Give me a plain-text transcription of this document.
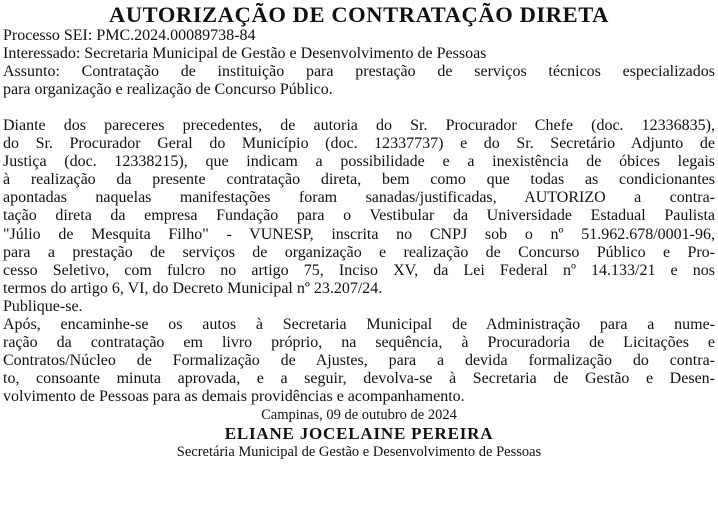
AUTORIZAÇÃO DE CONTRATAÇÃO DIRETA
Processo SEI: PMC.2024.00089738-84
Interessado: Secretaria Municipal de Gestão e Desenvolvimento de Pessoas
Assunto: Contratação de instituição para prestação de serviços técnicos especializados
para organização e realização de Concurso Público.
Diante dos pareceres precedentes, de autoria do Sr. Procurador Chefe (doc. 12336835),
do Sr. Procurador Geral do Município (doc. 12337737) e do Sr. Secretário Adjunto de
Justiça (doc. 12338215), que indicam a possibilidade e a inexistência de óbices legais
à realização da presente contratação direta, bem como que todas as condicionantes
apontadas naquelas manifestações foram sanadas/justificadas, AUTORIZO a contra-
tação direta da empresa Fundação para o Vestibular da Universidade Estadual Paulista
"Júlio de Mesquita Filho" - VUNESP, inscrita no CNPJ sob o nº 51.962.678/0001-96,
para a prestação de serviços de organização e realização de Concurso Público e Pro-
cesso Seletivo, com fulcro no artigo 75, Inciso XV, da Lei Federal nº 14.133/21 e nos
termos do artigo 6, VI, do Decreto Municipal nº 23.207/24.

Publique-se.

Após, encaminhe-se os autos à Secretaria Municipal de Administração para a nume-
ração da contratação em livro próprio, na sequência, à Procuradoria de Licitações e
Contratos/Núcleo de Formalização de Ajustes, para a devida formalização do contra-
to, consoante minuta aprovada, e a seguir, devolva-se à Secretaria de Gestão e Desen-
volvimento de Pessoas para as demais providências e acompanhamento.

Campinas, 09 de outubro de 2024

ELIANE JOCELAINE PEREIRA

Secretária Municipal de Gestão e Desenvolvimento de Pessoas
